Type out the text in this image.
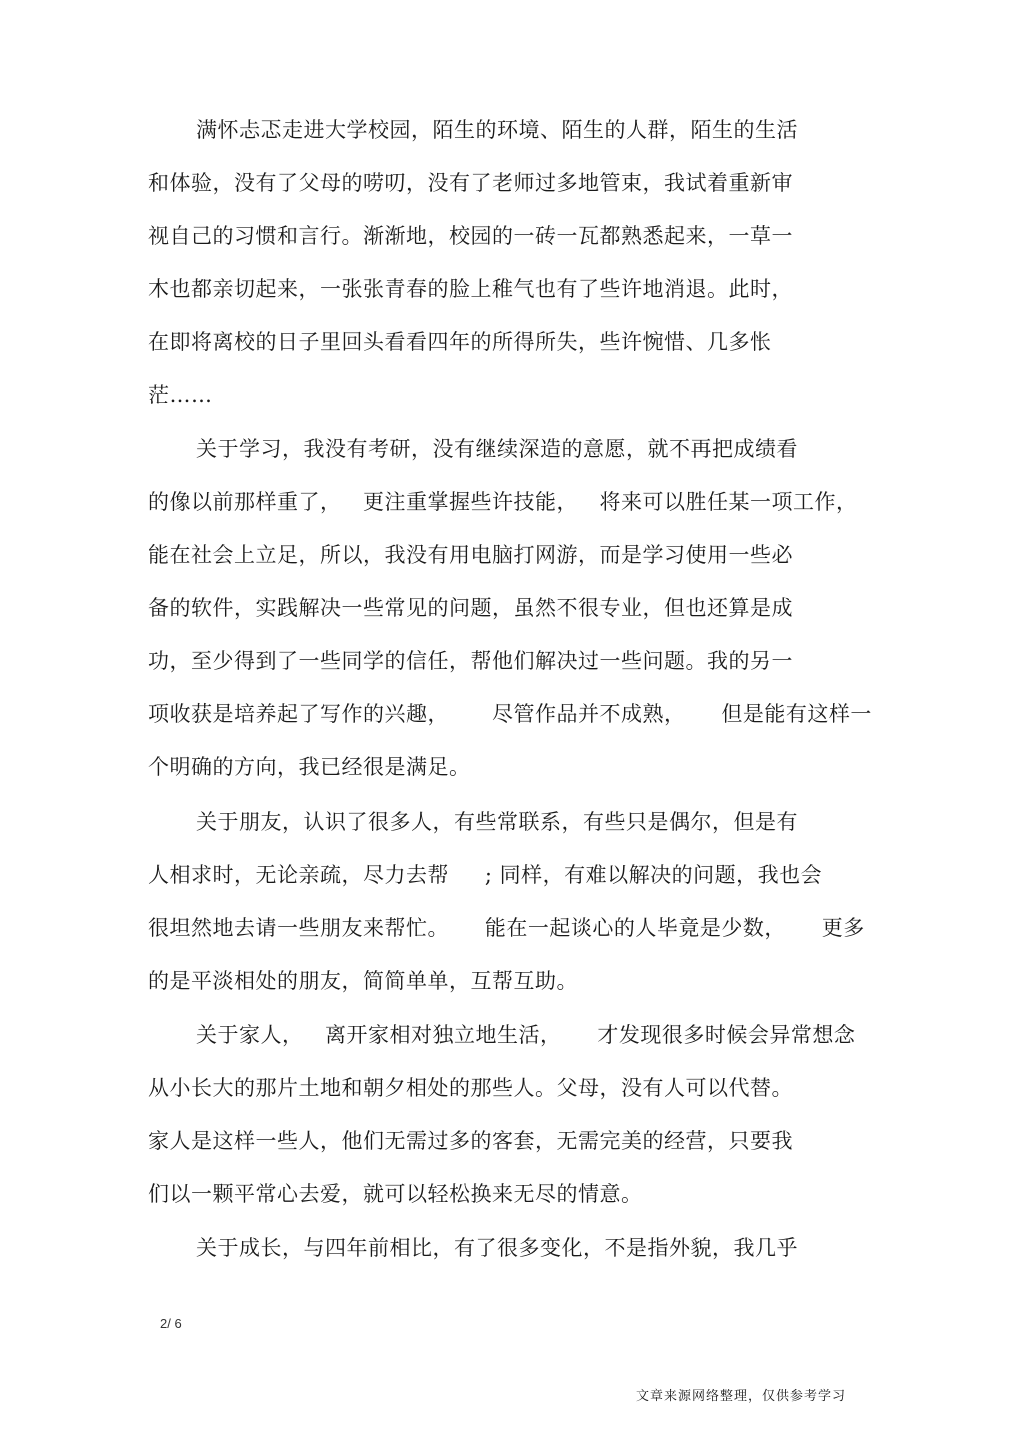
满怀忐忑走进大学校园，陌生的环境、陌生的人群，陌生的生活
和体验，没有了父母的唠叨，没有了老师过多地管束，我试着重新审
视自己的习惯和言行。渐渐地，校园的一砖一瓦都熟悉起来，一草一
木也都亲切起来，一张张青春的脸上稚气也有了些许地消退。此时，
在即将离校的日子里回头看看四年的所得所失，些许惋惜、几多怅
茫……
关于学习，我没有考研，没有继续深造的意愿，就不再把成绩看
的像以前那样重了，   更注重掌握些许技能，   将来可以胜任某一项工作，
能在社会上立足，所以，我没有用电脑打网游，而是学习使用一些必
备的软件，实践解决一些常见的问题，虽然不很专业，但也还算是成
功，至少得到了一些同学的信任，帮他们解决过一些问题。我的另一
项收获是培养起了写作的兴趣，      尽管作品并不成熟，     但是能有这样一
个明确的方向，我已经很是满足。
关于朋友，认识了很多人，有些常联系，有些只是偶尔，但是有
人相求时，无论亲疏，尽力去帮     ; 同样，有难以解决的问题，我也会
很坦然地去请一些朋友来帮忙。     能在一起谈心的人毕竟是少数，     更多
的是平淡相处的朋友，简简单单，互帮互助。
关于家人，   离开家相对独立地生活，     才发现很多时候会异常想念
从小长大的那片土地和朝夕相处的那些人。父母，没有人可以代替。
家人是这样一些人，他们无需过多的客套，无需完美的经营，只要我
们以一颗平常心去爱，就可以轻松换来无尽的情意。
关于成长，与四年前相比，有了很多变化，不是指外貌，我几乎
2/ 6
文章来源网络整理，仅供参考学习
